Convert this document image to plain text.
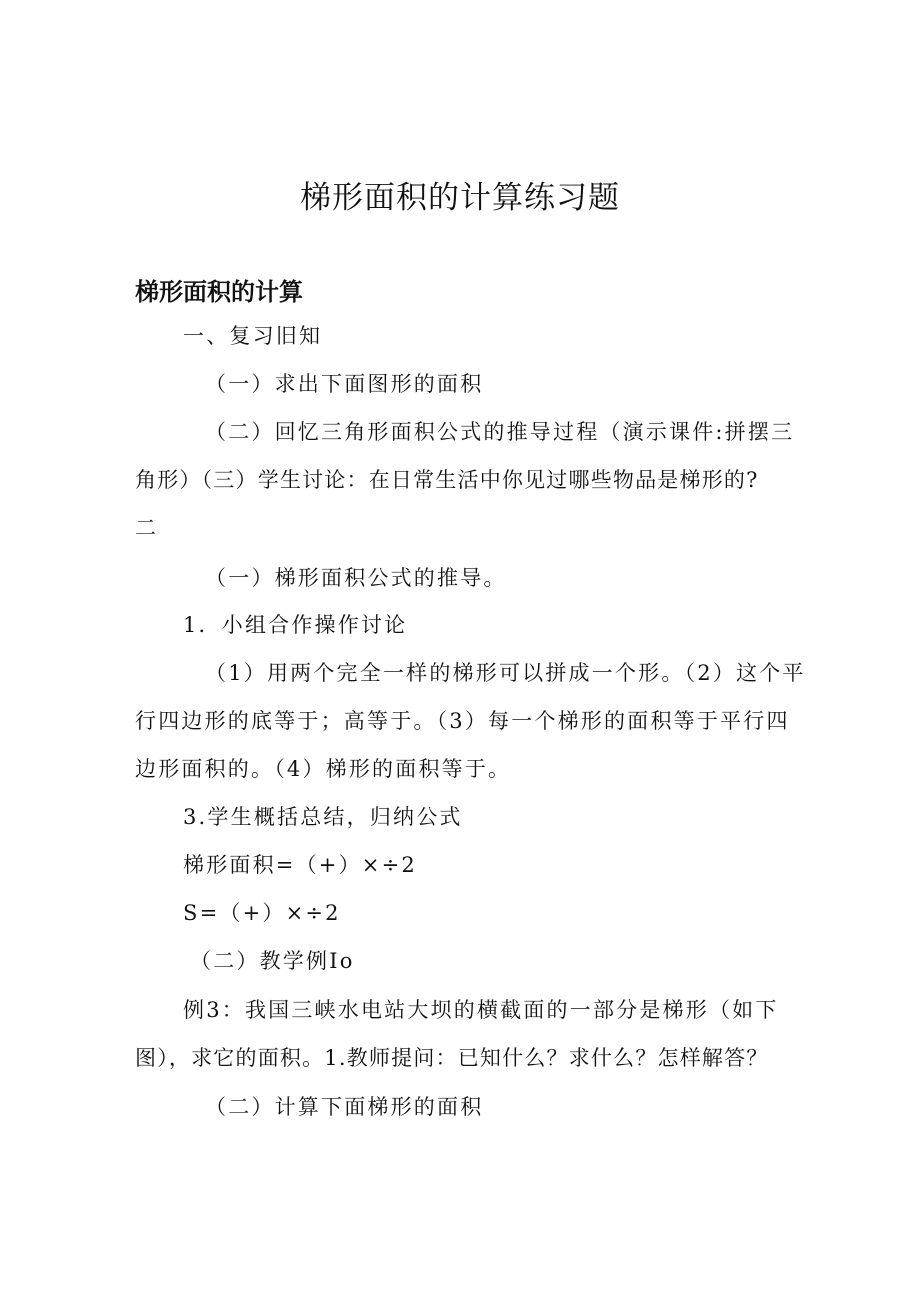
梯形面积的计算练习题
梯形面积的计算
一、复习旧知
（一）求出下面图形的面积
（二）回忆三角形面积公式的推导过程（演示课件:拼摆三
角形）（三）学生讨论：在日常生活中你见过哪些物品是梯形的?
二
（一）梯形面积公式的推导。
1．小组合作操作讨论
（1）用两个完全一样的梯形可以拼成一个形。（2）这个平
行四边形的底等于；高等于。（3）每一个梯形的面积等于平行四
边形面积的。（4）梯形的面积等于。
3.学生概括总结，归纳公式
梯形面积=（+）×÷2
S=（+）×÷2
（二）教学例Io
例3：我国三峡水电站大坝的横截面的一部分是梯形（如下
图），求它的面积。1.教师提问：已知什么？求什么？怎样解答？
（二）计算下面梯形的面积
